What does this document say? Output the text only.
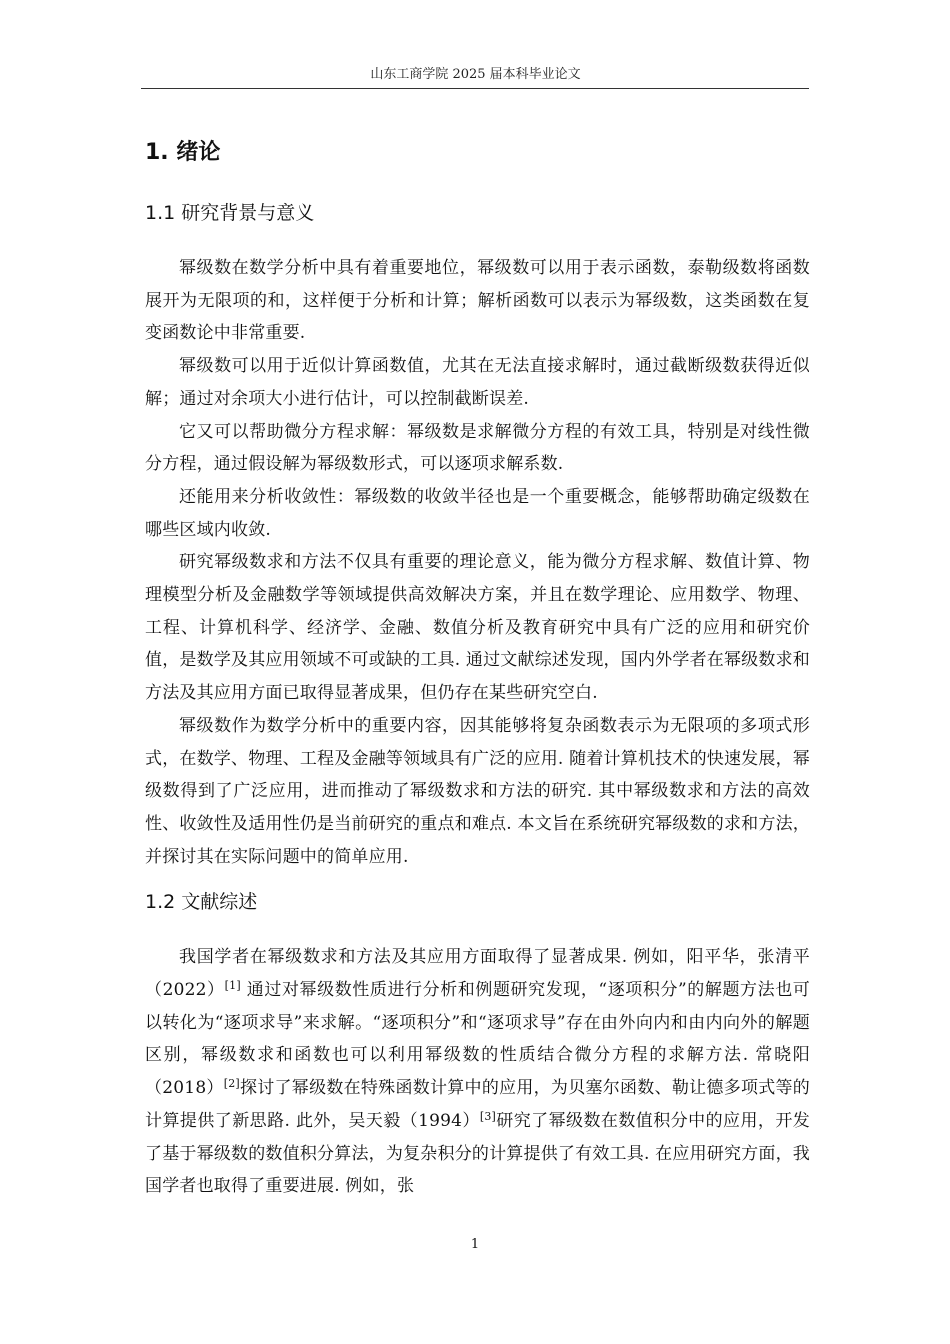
山东工商学院 2025 届本科毕业论文
1. 绪论
1.1 研究背景与意义

幂级数在数学分析中具有着重要地位，幂级数可以用于表示函数，泰勒级数将函数展开为无限项的和，这样便于分析和计算；解析函数可以表示为幂级数，这类函数在复变函数论中非常重要.

幂级数可以用于近似计算函数值，尤其在无法直接求解时，通过截断级数获得近似解；通过对余项大小进行估计，可以控制截断误差.

它又可以帮助微分方程求解：幂级数是求解微分方程的有效工具，特别是对线性微分方程，通过假设解为幂级数形式，可以逐项求解系数.

还能用来分析收敛性：幂级数的收敛半径也是一个重要概念，能够帮助确定级数在哪些区域内收敛.

研究幂级数求和方法不仅具有重要的理论意义，能为微分方程求解、数值计算、物理模型分析及金融数学等领域提供高效解决方案，并且在数学理论、应用数学、物理、工程、计算机科学、经济学、金融、数值分析及教育研究中具有广泛的应用和研究价值，是数学及其应用领域不可或缺的工具. 通过文献综述发现，国内外学者在幂级数求和方法及其应用方面已取得显著成果，但仍存在某些研究空白.

幂级数作为数学分析中的重要内容，因其能够将复杂函数表示为无限项的多项式形式，在数学、物理、工程及金融等领域具有广泛的应用. 随着计算机技术的快速发展，幂级数得到了广泛应用，进而推动了幂级数求和方法的研究. 其中幂级数求和方法的高效性、收敛性及适用性仍是当前研究的重点和难点. 本文旨在系统研究幂级数的求和方法，并探讨其在实际问题中的简单应用.

1.2 文献综述

我国学者在幂级数求和方法及其应用方面取得了显著成果. 例如，阳平华，张清平（2022）[1] 通过对幂级数性质进行分析和例题研究发现，“逐项积分”的解题方法也可以转化为“逐项求导”来求解。“逐项积分”和“逐项求导”存在由外向内和由内向外的解题区别，幂级数求和函数也可以利用幂级数的性质结合微分方程的求解方法. 常晓阳（2018）[2]探讨了幂级数在特殊函数计算中的应用，为贝塞尔函数、勒让德多项式等的计算提供了新思路. 此外，吴天毅（1994）[3]研究了幂级数在数值积分中的应用，开发了基于幂级数的数值积分算法，为复杂积分的计算提供了有效工具. 在应用研究方面，我国学者也取得了重要进展. 例如，张

1
